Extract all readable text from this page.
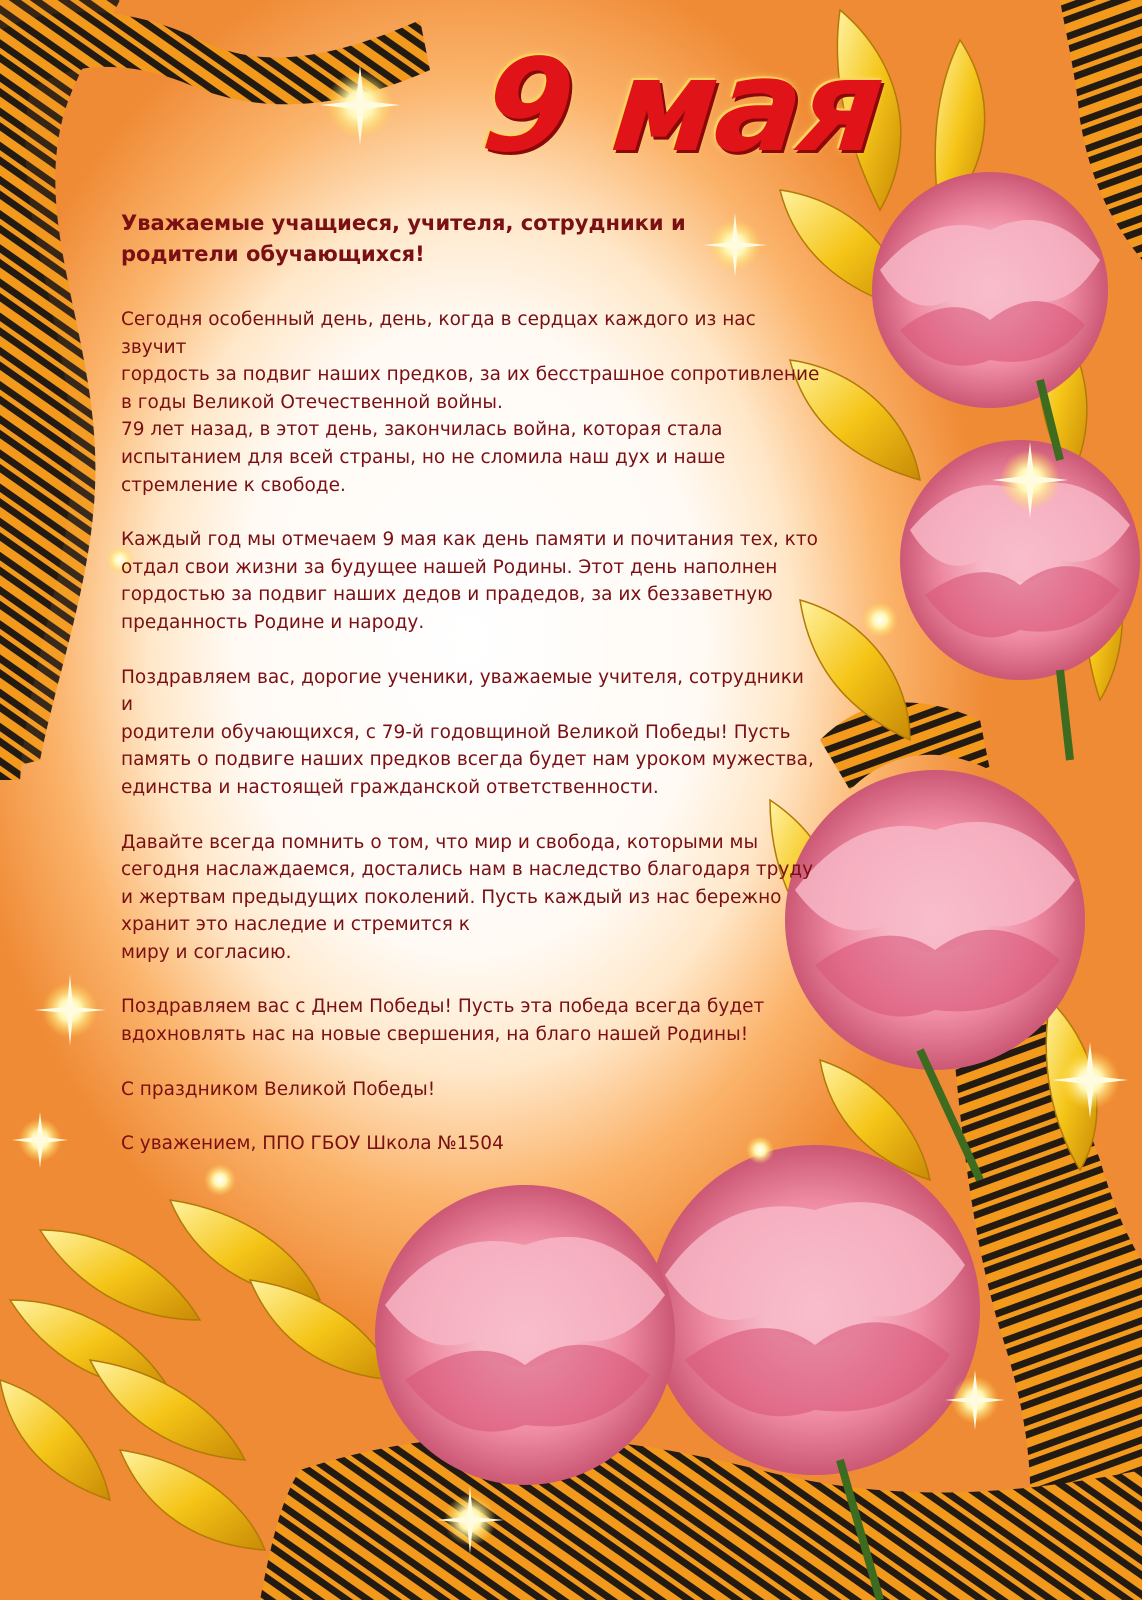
9 мая
Уважаемые учащиеся, учителя, сотрудники и родители обучающихся!
Сегодня особенный день, день, когда в сердцах каждого из нас звучит
гордость за подвиг наших предков, за их бесстрашное сопротивление
в годы Великой Отечественной войны.
79 лет назад, в этот день, закончилась война, которая стала
испытанием для всей страны, но не сломила наш дух и наше
стремление к свободе.
Каждый год мы отмечаем 9 мая как день памяти и почитания тех, кто
отдал свои жизни за будущее нашей Родины. Этот день наполнен
гордостью за подвиг наших дедов и прадедов, за их беззаветную
преданность Родине и народу.
Поздравляем вас, дорогие ученики, уважаемые учителя, сотрудники и
родители обучающихся, с 79-й годовщиной Великой Победы! Пусть
память о подвиге наших предков всегда будет нам уроком мужества,
единства и настоящей гражданской ответственности.
Давайте всегда помнить о том, что мир и свобода, которыми мы
сегодня наслаждаемся, достались нам в наследство благодаря труду
и жертвам предыдущих поколений. Пусть каждый из нас бережно
хранит это наследие и стремится к
миру и согласию.
Поздравляем вас с Днем Победы! Пусть эта победа всегда будет
вдохновлять нас на новые свершения, на благо нашей Родины!
С праздником Великой Победы!
С уважением, ППО ГБОУ Школа №1504
